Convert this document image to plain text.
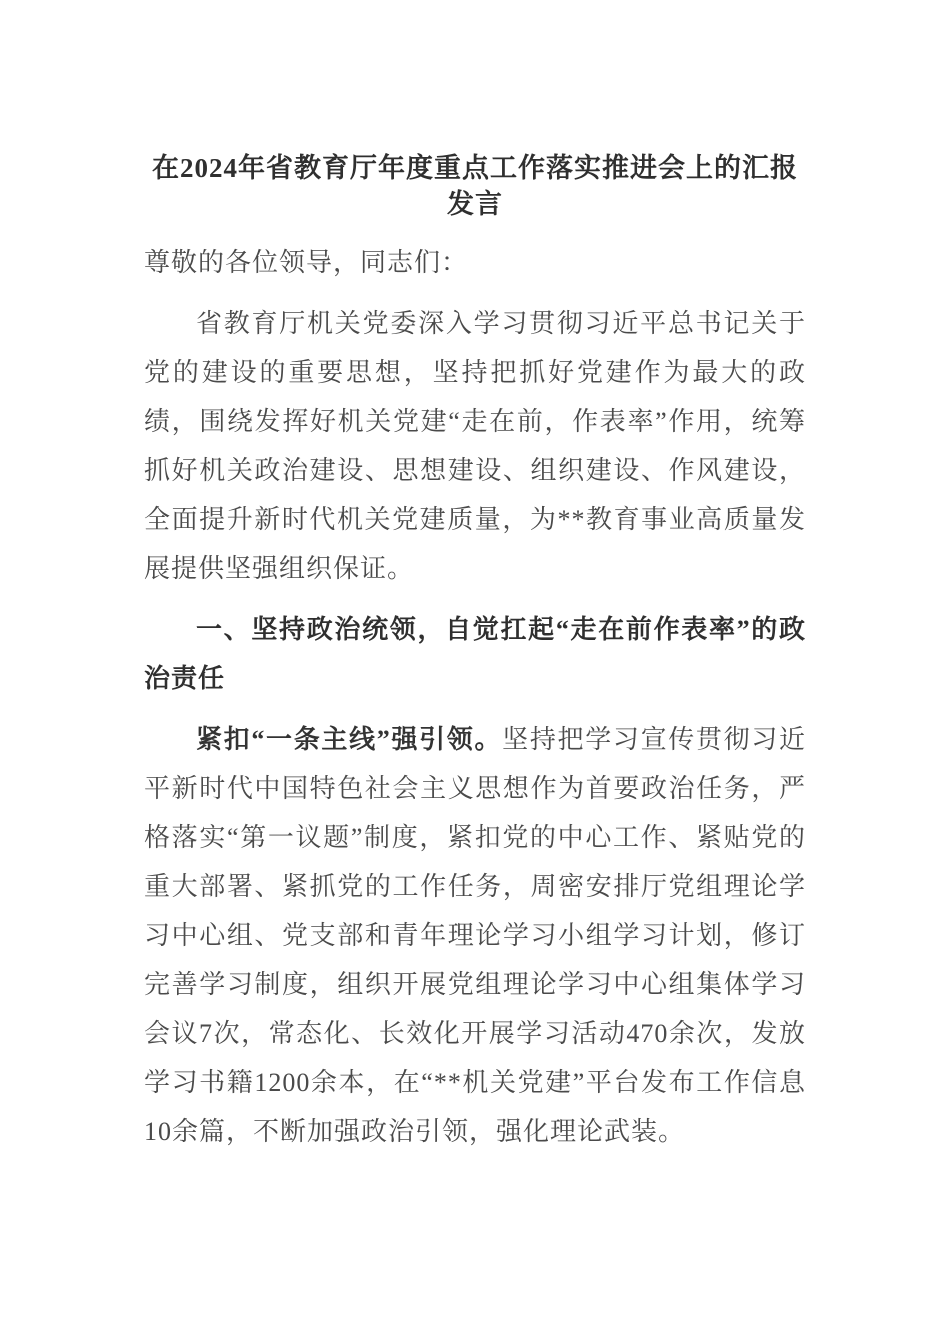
在2024年省教育厅年度重点工作落实推进会上的汇报发言

尊敬的各位领导，同志们：

省教育厅机关党委深入学习贯彻习近平总书记关于党的建设的重要思想，坚持把抓好党建作为最大的政绩，围绕发挥好机关党建“走在前，作表率”作用，统筹抓好机关政治建设、思想建设、组织建设、作风建设，全面提升新时代机关党建质量，为**教育事业高质量发展提供坚强组织保证。

一、坚持政治统领，自觉扛起“走在前作表率”的政治责任

紧扣“一条主线”强引领。坚持把学习宣传贯彻习近平新时代中国特色社会主义思想作为首要政治任务，严格落实“第一议题”制度，紧扣党的中心工作、紧贴党的重大部署、紧抓党的工作任务，周密安排厅党组理论学习中心组、党支部和青年理论学习小组学习计划，修订完善学习制度，组织开展党组理论学习中心组集体学习会议7次，常态化、长效化开展学习活动470余次，发放学习书籍1200余本，在“**机关党建”平台发布工作信息10余篇，不断加强政治引领，强化理论武装。
